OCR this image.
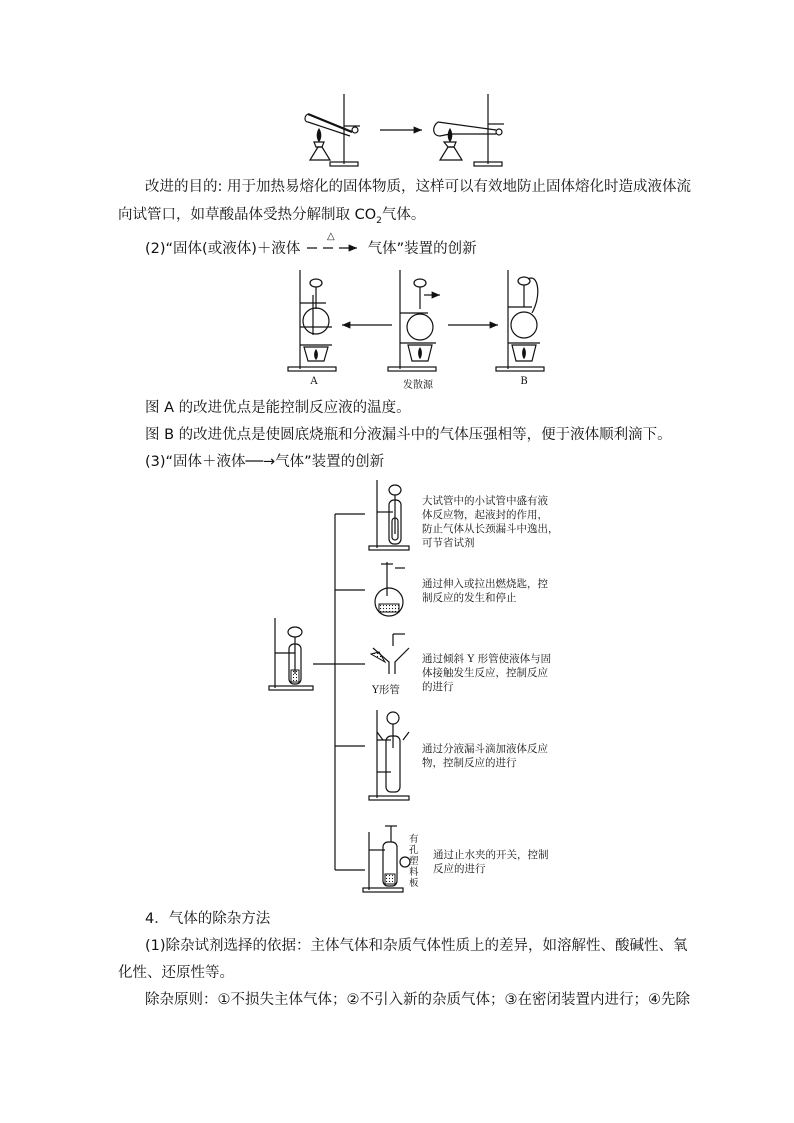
改进的目的: 用于加热易熔化的固体物质，这样可以有效地防止固体熔化时造成液体流
向试管口，如草酸晶体受热分解制取 $CO_2$气体。
(2)“固体(或液体)＋液体
△
气体”装置的创新
A	发散源	B
图 A 的改进优点是能控制反应液的温度。
图 B 的改进优点是使圆底烧瓶和分液漏斗中的气体压强相等，便于液体顺利滴下。
(3)“固体＋液体──→气体”装置的创新
大试管中的小试管中盛有液
体反应物，起液封的作用，
防止气体从长颈漏斗中逸出，
可节省试剂
通过伸入或拉出燃烧匙，控
制反应的发生和停止
通过倾斜 Y 形管使液体与固
体接触发生反应，控制反应
的进行
Y形管
通过分液漏斗滴加液体反应
物，控制反应的进行
有
孔
塑
料
板
通过止水夹的开关，控制
反应的进行
4．气体的除杂方法
(1)除杂试剂选择的依据：主体气体和杂质气体性质上的差异，如溶解性、酸碱性、氧
化性、还原性等。
除杂原则：①不损失主体气体；②不引入新的杂质气体；③在密闭装置内进行；④先除
